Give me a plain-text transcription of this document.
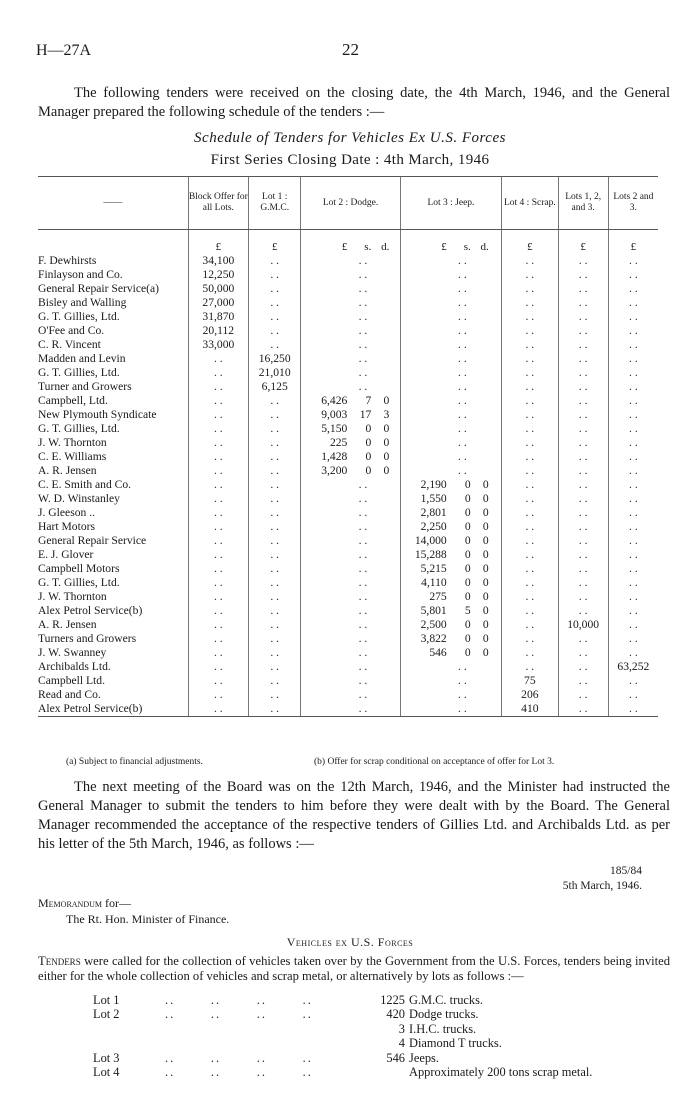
H—27A	22
The following tenders were received on the closing date, the 4th March, 1946, and the General Manager prepared the following schedule of the tenders :—
Schedule of Tenders for Vehicles Ex U.S. Forces
First Series Closing Date : 4th March, 1946
——	Block Offer for all Lots.	Lot 1 : G.M.C.	Lot 2 : Dodge.	Lot 3 : Jeep.	Lot 4 : Scrap.	Lots 1, 2, and 3.	Lots 2 and 3.

	£	£	£ s. d.	£ s. d.	£	£	£
F. Dewhirsts	34,100	. .	. .	. .	. .	. .	. .
Finlayson and Co.	12,250	. .	. .	. .	. .	. .	. .
General Repair Service(a)	50,000	. .	. .	. .	. .	. .	. .
Bisley and Walling	27,000	. .	. .	. .	. .	. .	. .
G. T. Gillies, Ltd.	31,870	. .	. .	. .	. .	. .	. .
O'Fee and Co.	20,112	. .	. .	. .	. .	. .	. .
C. R. Vincent	33,000	. .	. .	. .	. .	. .	. .
Madden and Levin	. .	16,250	. .	. .	. .	. .	. .
G. T. Gillies, Ltd.	. .	21,010	. .	. .	. .	. .	. .
Turner and Growers	. .	6,125	. .	. .	. .	. .	. .
Campbell, Ltd.	. .	. .	6,426 7 0	. .	. .	. .	. .
New Plymouth Syndicate	. .	. .	9,003 17 3	. .	. .	. .	. .
G. T. Gillies, Ltd.	. .	. .	5,150 0 0	. .	. .	. .	. .
J. W. Thornton	. .	. .	225 0 0	. .	. .	. .	. .
C. E. Williams	. .	. .	1,428 0 0	. .	. .	. .	. .
A. R. Jensen	. .	. .	3,200 0 0	. .	. .	. .	. .
C. E. Smith and Co.	. .	. .	. .	2,190 0 0	. .	. .	. .
W. D. Winstanley	. .	. .	. .	1,550 0 0	. .	. .	. .
J. Gleeson ..	. .	. .	. .	2,801 0 0	. .	. .	. .
Hart Motors	. .	. .	. .	2,250 0 0	. .	. .	. .
General Repair Service	. .	. .	. .	14,000 0 0	. .	. .	. .
E. J. Glover	. .	. .	. .	15,288 0 0	. .	. .	. .
Campbell Motors	. .	. .	. .	5,215 0 0	. .	. .	. .
G. T. Gillies, Ltd.	. .	. .	. .	4,110 0 0	. .	. .	. .
J. W. Thornton	. .	. .	. .	275 0 0	. .	. .	. .
Alex Petrol Service(b)	. .	. .	. .	5,801 5 0	. .	. .	. .
A. R. Jensen	. .	. .	. .	2,500 0 0	. .	10,000	. .
Turners and Growers	. .	. .	. .	3,822 0 0	. .	. .	. .
J. W. Swanney	. .	. .	. .	546 0 0	. .	. .	. .
Archibalds Ltd.	. .	. .	. .	. .	. .	. .	63,252
Campbell Ltd.	. .	. .	. .	. .	75	. .	. .
Read and Co.	. .	. .	. .	. .	206	. .	. .
Alex Petrol Service(b)	. .	. .	. .	. .	410	. .	. .
(a) Subject to financial adjustments.	(b) Offer for scrap conditional on acceptance of offer for Lot 3.
The next meeting of the Board was on the 12th March, 1946, and the Minister had instructed the General Manager to submit the tenders to him before they were dealt with by the Board. The General Manager recommended the acceptance of the respective tenders of Gillies Ltd. and Archibalds Ltd. as per his letter of the 5th March, 1946, as follows :—
185/84
5th March, 1946.
Memorandum for—
The Rt. Hon. Minister of Finance.
Vehicles ex U.S. Forces
Tenders were called for the collection of vehicles taken over by the Government from the U.S. Forces, tenders being invited either for the whole collection of vehicles and scrap metal, or alternatively by lots as follows :—
Lot 1	..       ..       ..       ..	1225 G.M.C. trucks.
Lot 2	..       ..       ..       ..	420 Dodge trucks.
3 I.H.C. trucks.
4 Diamond T trucks.
Lot 3	..       ..       ..       ..	546 Jeeps.
Lot 4	..       ..       ..       ..	Approximately 200 tons scrap metal.
